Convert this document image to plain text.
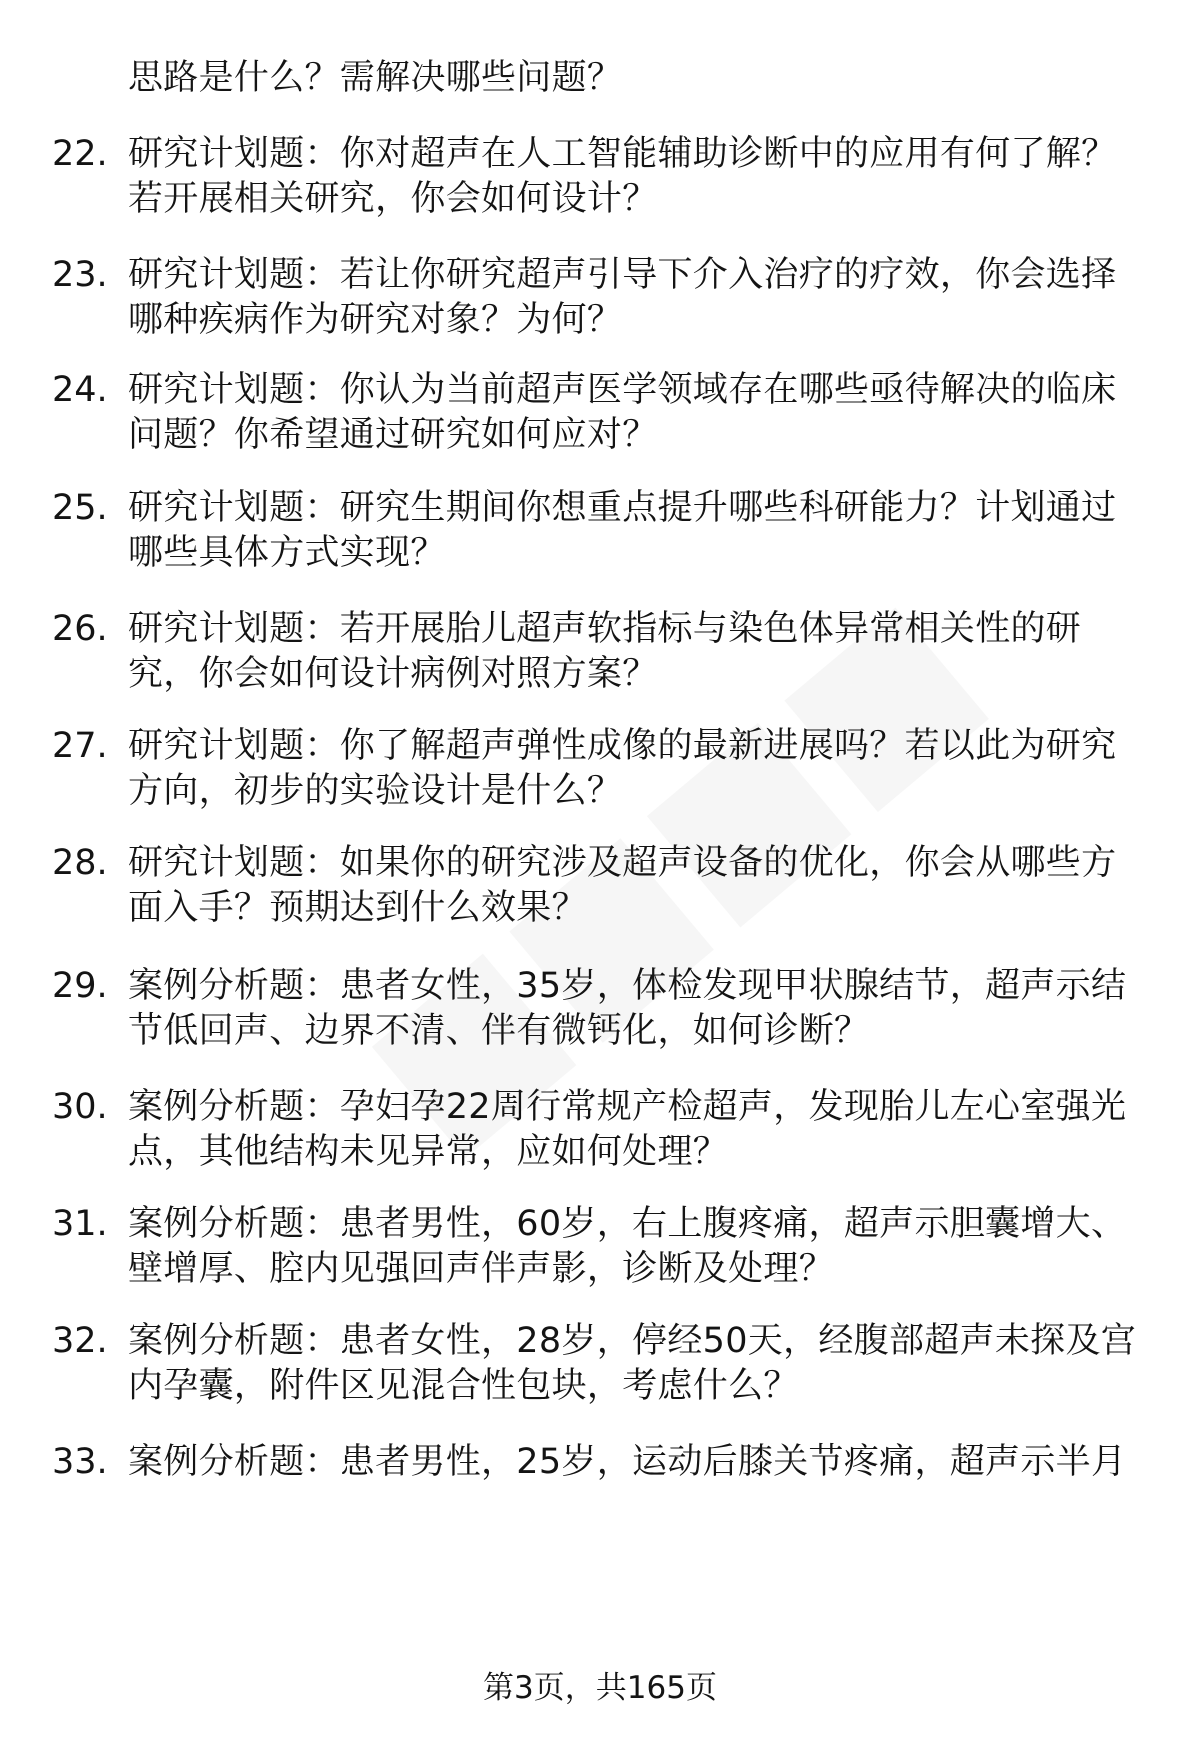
思路是什么？需解决哪些问题？
22. 研究计划题：你对超声在人工智能辅助诊断中的应用有何了解？
若开展相关研究，你会如何设计？
23. 研究计划题：若让你研究超声引导下介入治疗的疗效，你会选择
哪种疾病作为研究对象？为何？
24. 研究计划题：你认为当前超声医学领域存在哪些亟待解决的临床
问题？你希望通过研究如何应对？
25. 研究计划题：研究生期间你想重点提升哪些科研能力？计划通过
哪些具体方式实现？
26. 研究计划题：若开展胎儿超声软指标与染色体异常相关性的研
究，你会如何设计病例对照方案？
27. 研究计划题：你了解超声弹性成像的最新进展吗？若以此为研究
方向，初步的实验设计是什么？
28. 研究计划题：如果你的研究涉及超声设备的优化，你会从哪些方
面入手？预期达到什么效果？
29. 案例分析题：患者女性，35岁，体检发现甲状腺结节，超声示结
节低回声、边界不清、伴有微钙化，如何诊断？
30. 案例分析题：孕妇孕22周行常规产检超声，发现胎儿左心室强光
点，其他结构未见异常，应如何处理？
31. 案例分析题：患者男性，60岁，右上腹疼痛，超声示胆囊增大、
壁增厚、腔内见强回声伴声影，诊断及处理？
32. 案例分析题：患者女性，28岁，停经50天，经腹部超声未探及宫
内孕囊，附件区见混合性包块，考虑什么？
33. 案例分析题：患者男性，25岁，运动后膝关节疼痛，超声示半月
第3页，共165页
